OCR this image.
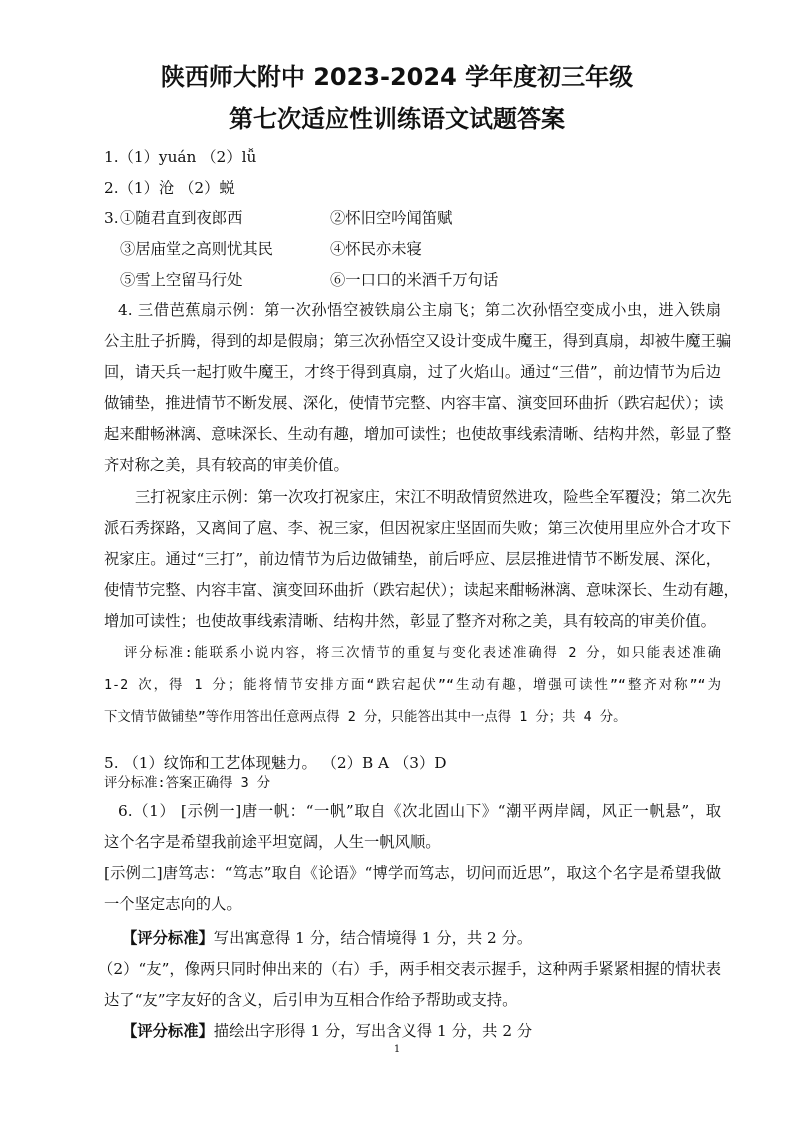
陕西师大附中 2023-2024 学年度初三年级
第七次适应性训练语文试题答案

1.（1）yuán （2）lǚ

2.（1）沧 （2）蜕

3. ①随君直到夜郎西	②怀旧空吟闻笛赋
③居庙堂之高则忧其民	④怀民亦未寝
⑤雪上空留马行处	⑥一口口的米酒千万句话

4. 三借芭蕉扇示例：第一次孙悟空被铁扇公主扇飞；第二次孙悟空变成小虫，进入铁扇

公主肚子折腾，得到的却是假扇；第三次孙悟空又设计变成牛魔王，得到真扇，却被牛魔王骗

回，请天兵一起打败牛魔王，才终于得到真扇，过了火焰山。通过“三借”，前边情节为后边

做铺垫，推进情节不断发展、深化，使情节完整、内容丰富、演变回环曲折（跌宕起伏）；读

起来酣畅淋漓、意味深长、生动有趣，增加可读性；也使故事线索清晰、结构井然，彰显了整

齐对称之美，具有较高的审美价值。

三打祝家庄示例：第一次攻打祝家庄，宋江不明敌情贸然进攻，险些全军覆没；第二次先

派石秀探路，又离间了扈、李、祝三家，但因祝家庄坚固而失败；第三次使用里应外合才攻下

祝家庄。通过“三打”，前边情节为后边做铺垫，前后呼应、层层推进情节不断发展、深化，

使情节完整、内容丰富、演变回环曲折（跌宕起伏）；读起来酣畅淋漓、意味深长、生动有趣，

增加可读性；也使故事线索清晰、结构井然，彰显了整齐对称之美，具有较高的审美价值。

评分标准:能联系小说内容，将三次情节的重复与变化表述准确得 2 分，如只能表述准确

1-2 次，得 1 分；能将情节安排方面“跌宕起伏”“生动有趣，增强可读性”“整齐对称”“为

下文情节做铺垫”等作用答出任意两点得 2 分，只能答出其中一点得 1 分；共 4 分。

5. （1）纹饰和工艺体现魅力。 （2）B A （3）D

评分标准:答案正确得 3 分

6.（1） [示例一]唐一帆：“一帆”取自《次北固山下》“潮平两岸阔，风正一帆悬”，取

这个名字是希望我前途平坦宽阔，人生一帆风顺。

[示例二]唐笃志：“笃志”取自《论语》“博学而笃志，切问而近思”，取这个名字是希望我做

一个坚定志向的人。

【评分标准】写出寓意得 1 分，结合情境得 1 分，共 2 分。

（2）“友”，像两只同时伸出来的（右）手，两手相交表示握手，这种两手紧紧相握的情状表

达了“友”字友好的含义，后引申为互相合作给予帮助或支持。

【评分标准】描绘出字形得 1 分，写出含义得 1 分，共 2 分

1
